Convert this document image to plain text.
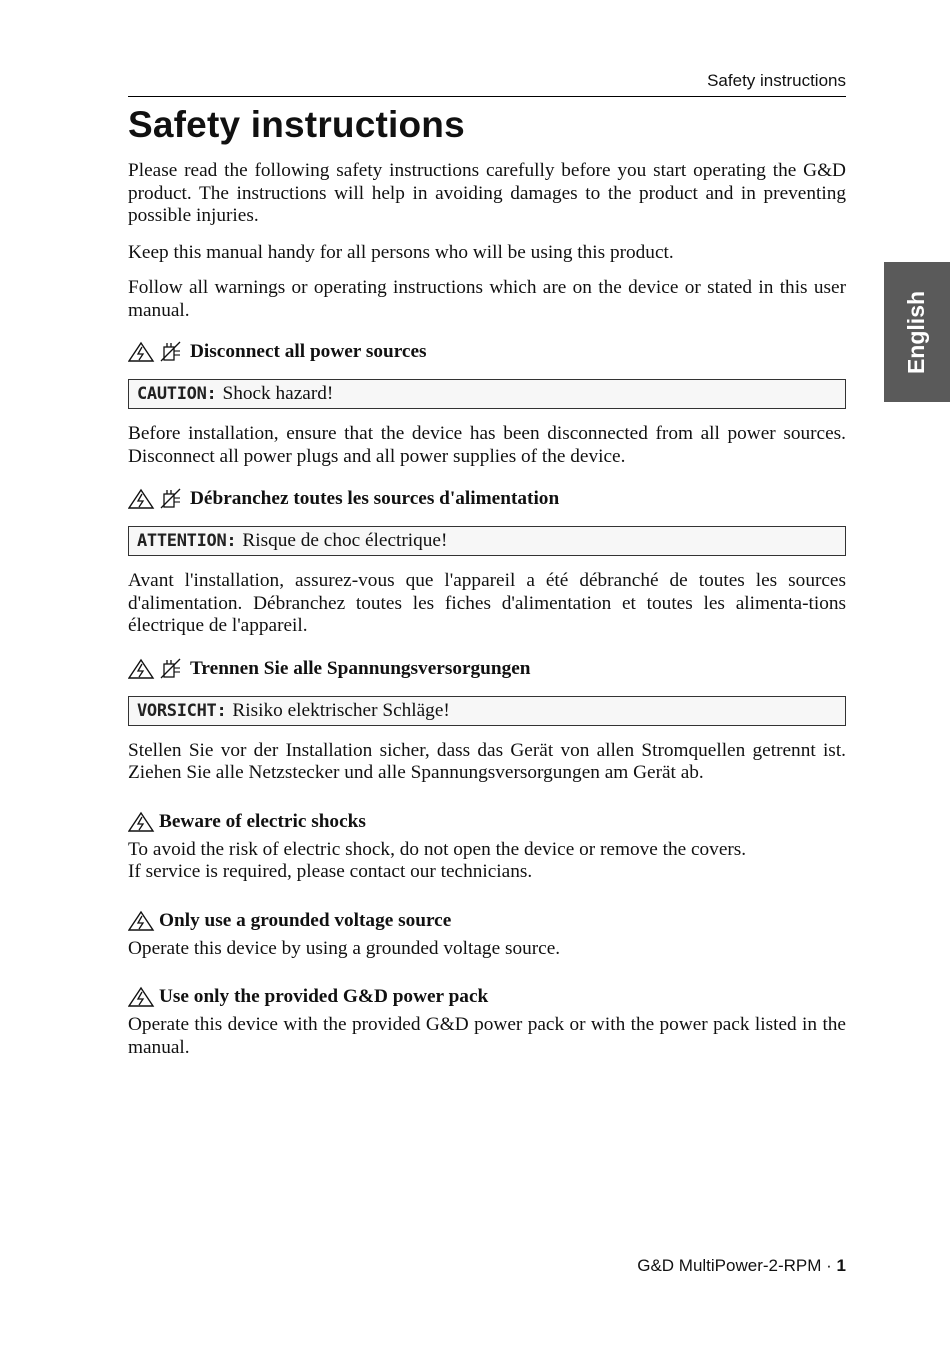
Safety instructions
Safety instructions
English

Please read the following safety instructions carefully before you start operating the G&D product. The instructions will help in avoiding damages to the product and in preventing possible injuries.

Keep this manual handy for all persons who will be using this product.

Follow all warnings or operating instructions which are on the device or stated in this user manual.

Disconnect all power sources
CAUTION: Shock hazard!

Before installation, ensure that the device has been disconnected from all power sources. Disconnect all power plugs and all power supplies of the device.

Débranchez toutes les sources d'alimentation
ATTENTION: Risque de choc électrique!

Avant l'installation, assurez-vous que l'appareil a été débranché de toutes les sources d'alimentation. Débranchez toutes les fiches d'alimentation et toutes les alimenta-tions électrique de l'appareil.

Trennen Sie alle Spannungsversorgungen
VORSICHT: Risiko elektrischer Schläge!

Stellen Sie vor der Installation sicher, dass das Gerät von allen Stromquellen getrennt ist. Ziehen Sie alle Netzstecker und alle Spannungsversorgungen am Gerät ab.

Beware of electric shocks

To avoid the risk of electric shock, do not open the device or remove the covers.

If service is required, please contact our technicians.

Only use a grounded voltage source

Operate this device by using a grounded voltage source.

Use only the provided G&D power pack

Operate this device with the provided G&D power pack or with the power pack listed in the manual.

G&D MultiPower-2-RPM · 1
